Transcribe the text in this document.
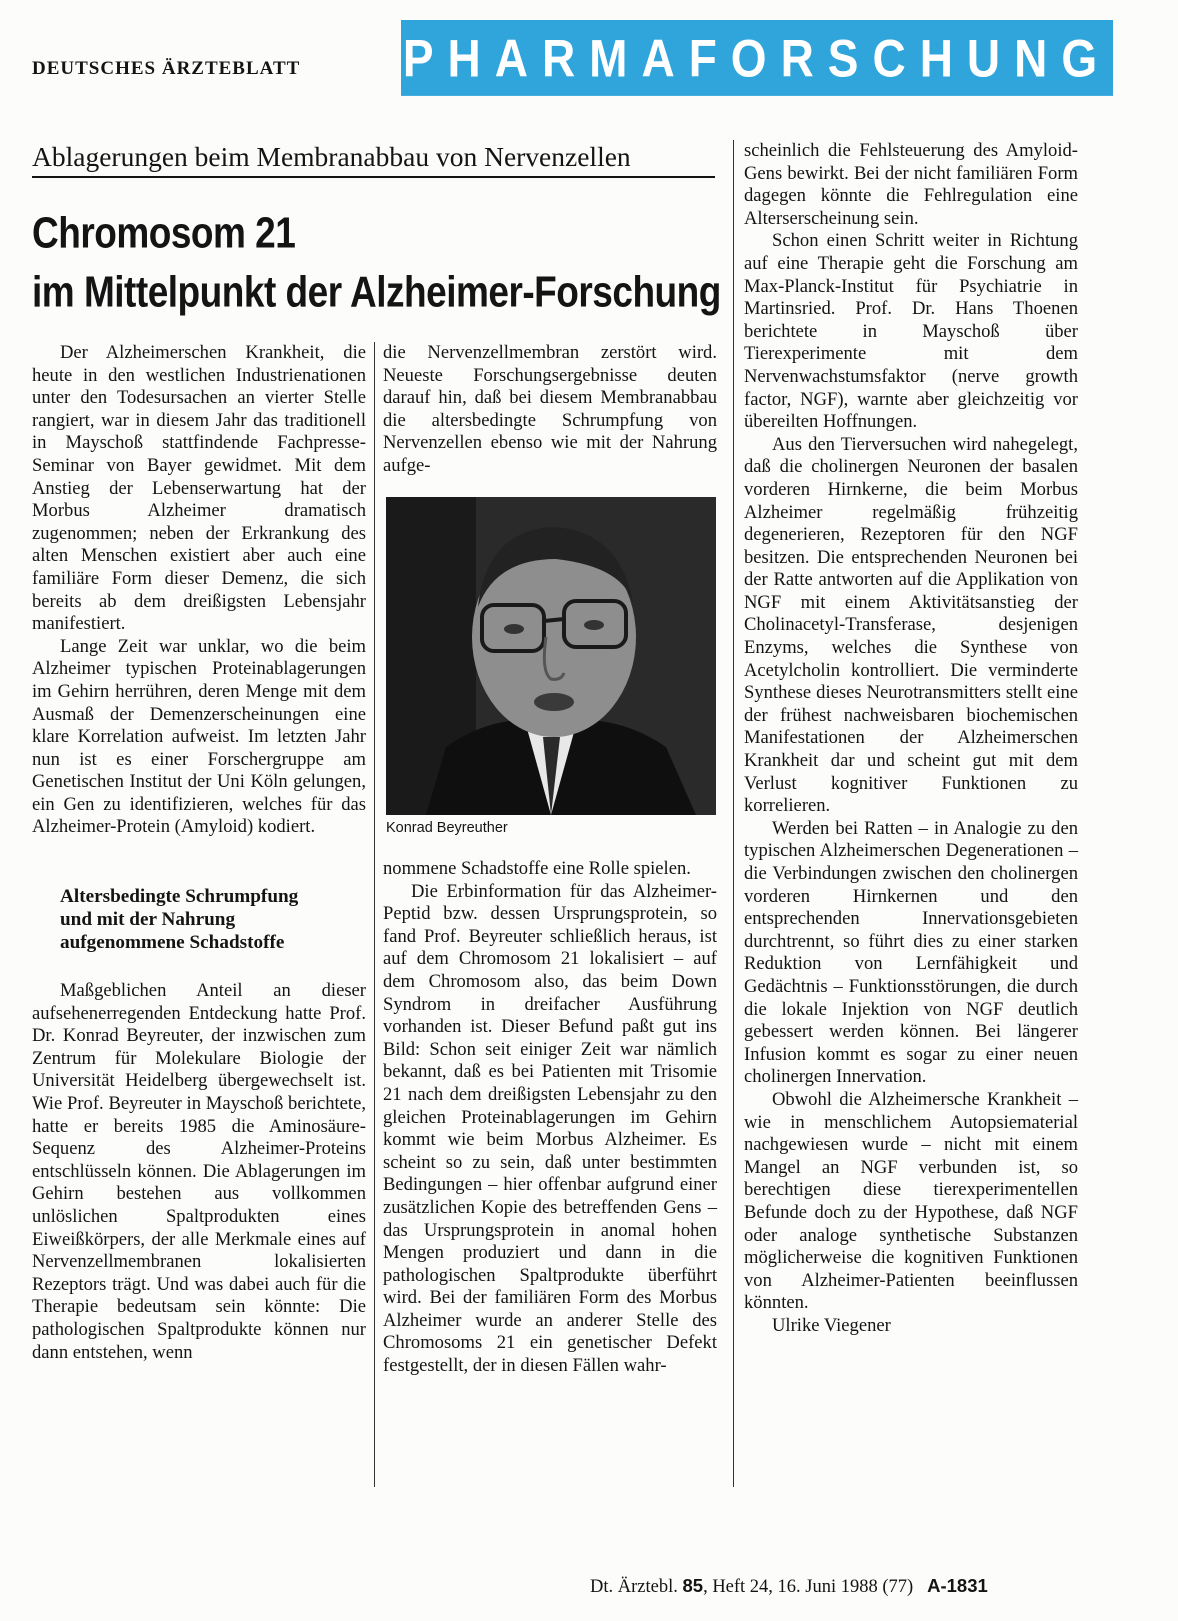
DEUTSCHES ÄRZTEBLATT PHARMAFORSCHUNG
Ablagerungen beim Membranabbau von Nervenzellen
Chromosom 21
im Mittelpunkt der Alzheimer-Forschung

Der Alzheimerschen Krankheit, die heute in den westlichen Industrienationen unter den Todesursachen an vierter Stelle rangiert, war in diesem Jahr das traditionell in Mayschoß stattfindende Fachpresse-Seminar von Bayer gewidmet. Mit dem Anstieg der Lebenserwartung hat der Morbus Alzheimer dramatisch zugenommen; neben der Erkrankung des alten Menschen existiert aber auch eine familiäre Form dieser Demenz, die sich bereits ab dem dreißigsten Lebensjahr manifestiert.

Lange Zeit war unklar, wo die beim Alzheimer typischen Proteinablagerungen im Gehirn herrühren, deren Menge mit dem Ausmaß der Demenzerscheinungen eine klare Korrelation aufweist. Im letzten Jahr nun ist es einer Forschergruppe am Genetischen Institut der Uni Köln gelungen, ein Gen zu identifizieren, welches für das Alzheimer-Protein (Amyloid) kodiert.

Altersbedingte Schrumpfung
und mit der Nahrung
aufgenommene Schadstoffe

Maßgeblichen Anteil an dieser aufsehenerregenden Entdeckung hatte Prof. Dr. Konrad Beyreuter, der inzwischen zum Zentrum für Molekulare Biologie der Universität Heidelberg übergewechselt ist. Wie Prof. Beyreuter in Mayschoß berichtete, hatte er bereits 1985 die Aminosäure-Sequenz des Alzheimer-Proteins entschlüsseln können. Die Ablagerungen im Gehirn bestehen aus vollkommen unlöslichen Spaltprodukten eines Eiweißkörpers, der alle Merkmale eines auf Nervenzellmembranen lokalisierten Rezeptors trägt. Und was dabei auch für die Therapie bedeutsam sein könnte: Die pathologischen Spaltprodukte können nur dann entstehen, wenn

die Nervenzellmembran zerstört wird. Neueste Forschungsergebnisse deuten darauf hin, daß bei diesem Membranabbau die altersbedingte Schrumpfung von Nervenzellen ebenso wie mit der Nahrung aufge-

Konrad Beyreuther

nommene Schadstoffe eine Rolle spielen.

Die Erbinformation für das Alzheimer-Peptid bzw. dessen Ursprungsprotein, so fand Prof. Beyreuter schließlich heraus, ist auf dem Chromosom 21 lokalisiert – auf dem Chromosom also, das beim Down Syndrom in dreifacher Ausführung vorhanden ist. Dieser Befund paßt gut ins Bild: Schon seit einiger Zeit war nämlich bekannt, daß es bei Patienten mit Trisomie 21 nach dem dreißigsten Lebensjahr zu den gleichen Proteinablagerungen im Gehirn kommt wie beim Morbus Alzheimer. Es scheint so zu sein, daß unter bestimmten Bedingungen – hier offenbar aufgrund einer zusätzlichen Kopie des betreffenden Gens – das Ursprungsprotein in anomal hohen Mengen produziert und dann in die pathologischen Spaltprodukte überführt wird. Bei der familiären Form des Morbus Alzheimer wurde an anderer Stelle des Chromosoms 21 ein genetischer Defekt festgestellt, der in diesen Fällen wahr-

scheinlich die Fehlsteuerung des Amyloid-Gens bewirkt. Bei der nicht familiären Form dagegen könnte die Fehlregulation eine Alterserscheinung sein.

Schon einen Schritt weiter in Richtung auf eine Therapie geht die Forschung am Max-Planck-Institut für Psychiatrie in Martinsried. Prof. Dr. Hans Thoenen berichtete in Mayschoß über Tierexperimente mit dem Nervenwachstumsfaktor (nerve growth factor, NGF), warnte aber gleichzeitig vor übereilten Hoffnungen.

Aus den Tierversuchen wird nahegelegt, daß die cholinergen Neuronen der basalen vorderen Hirnkerne, die beim Morbus Alzheimer regelmäßig frühzeitig degenerieren, Rezeptoren für den NGF besitzen. Die entsprechenden Neuronen bei der Ratte antworten auf die Applikation von NGF mit einem Aktivitätsanstieg der Cholinacetyl-Transferase, desjenigen Enzyms, welches die Synthese von Acetylcholin kontrolliert. Die verminderte Synthese dieses Neurotransmitters stellt eine der frühest nachweisbaren biochemischen Manifestationen der Alzheimerschen Krankheit dar und scheint gut mit dem Verlust kognitiver Funktionen zu korrelieren.

Werden bei Ratten – in Analogie zu den typischen Alzheimerschen Degenerationen – die Verbindungen zwischen den cholinergen vorderen Hirnkernen und den entsprechenden Innervationsgebieten durchtrennt, so führt dies zu einer starken Reduktion von Lernfähigkeit und Gedächtnis – Funktionsstörungen, die durch die lokale Injektion von NGF deutlich gebessert werden können. Bei längerer Infusion kommt es sogar zu einer neuen cholinergen Innervation.

Obwohl die Alzheimersche Krankheit – wie in menschlichem Autopsiematerial nachgewiesen wurde – nicht mit einem Mangel an NGF verbunden ist, so berechtigen diese tierexperimentellen Befunde doch zu der Hypothese, daß NGF oder analoge synthetische Substanzen möglicherweise die kognitiven Funktionen von Alzheimer-Patienten beeinflussen könnten.

Ulrike Viegener

Dt. Ärztebl. 85, Heft 24, 16. Juni 1988 (77) A-1831
